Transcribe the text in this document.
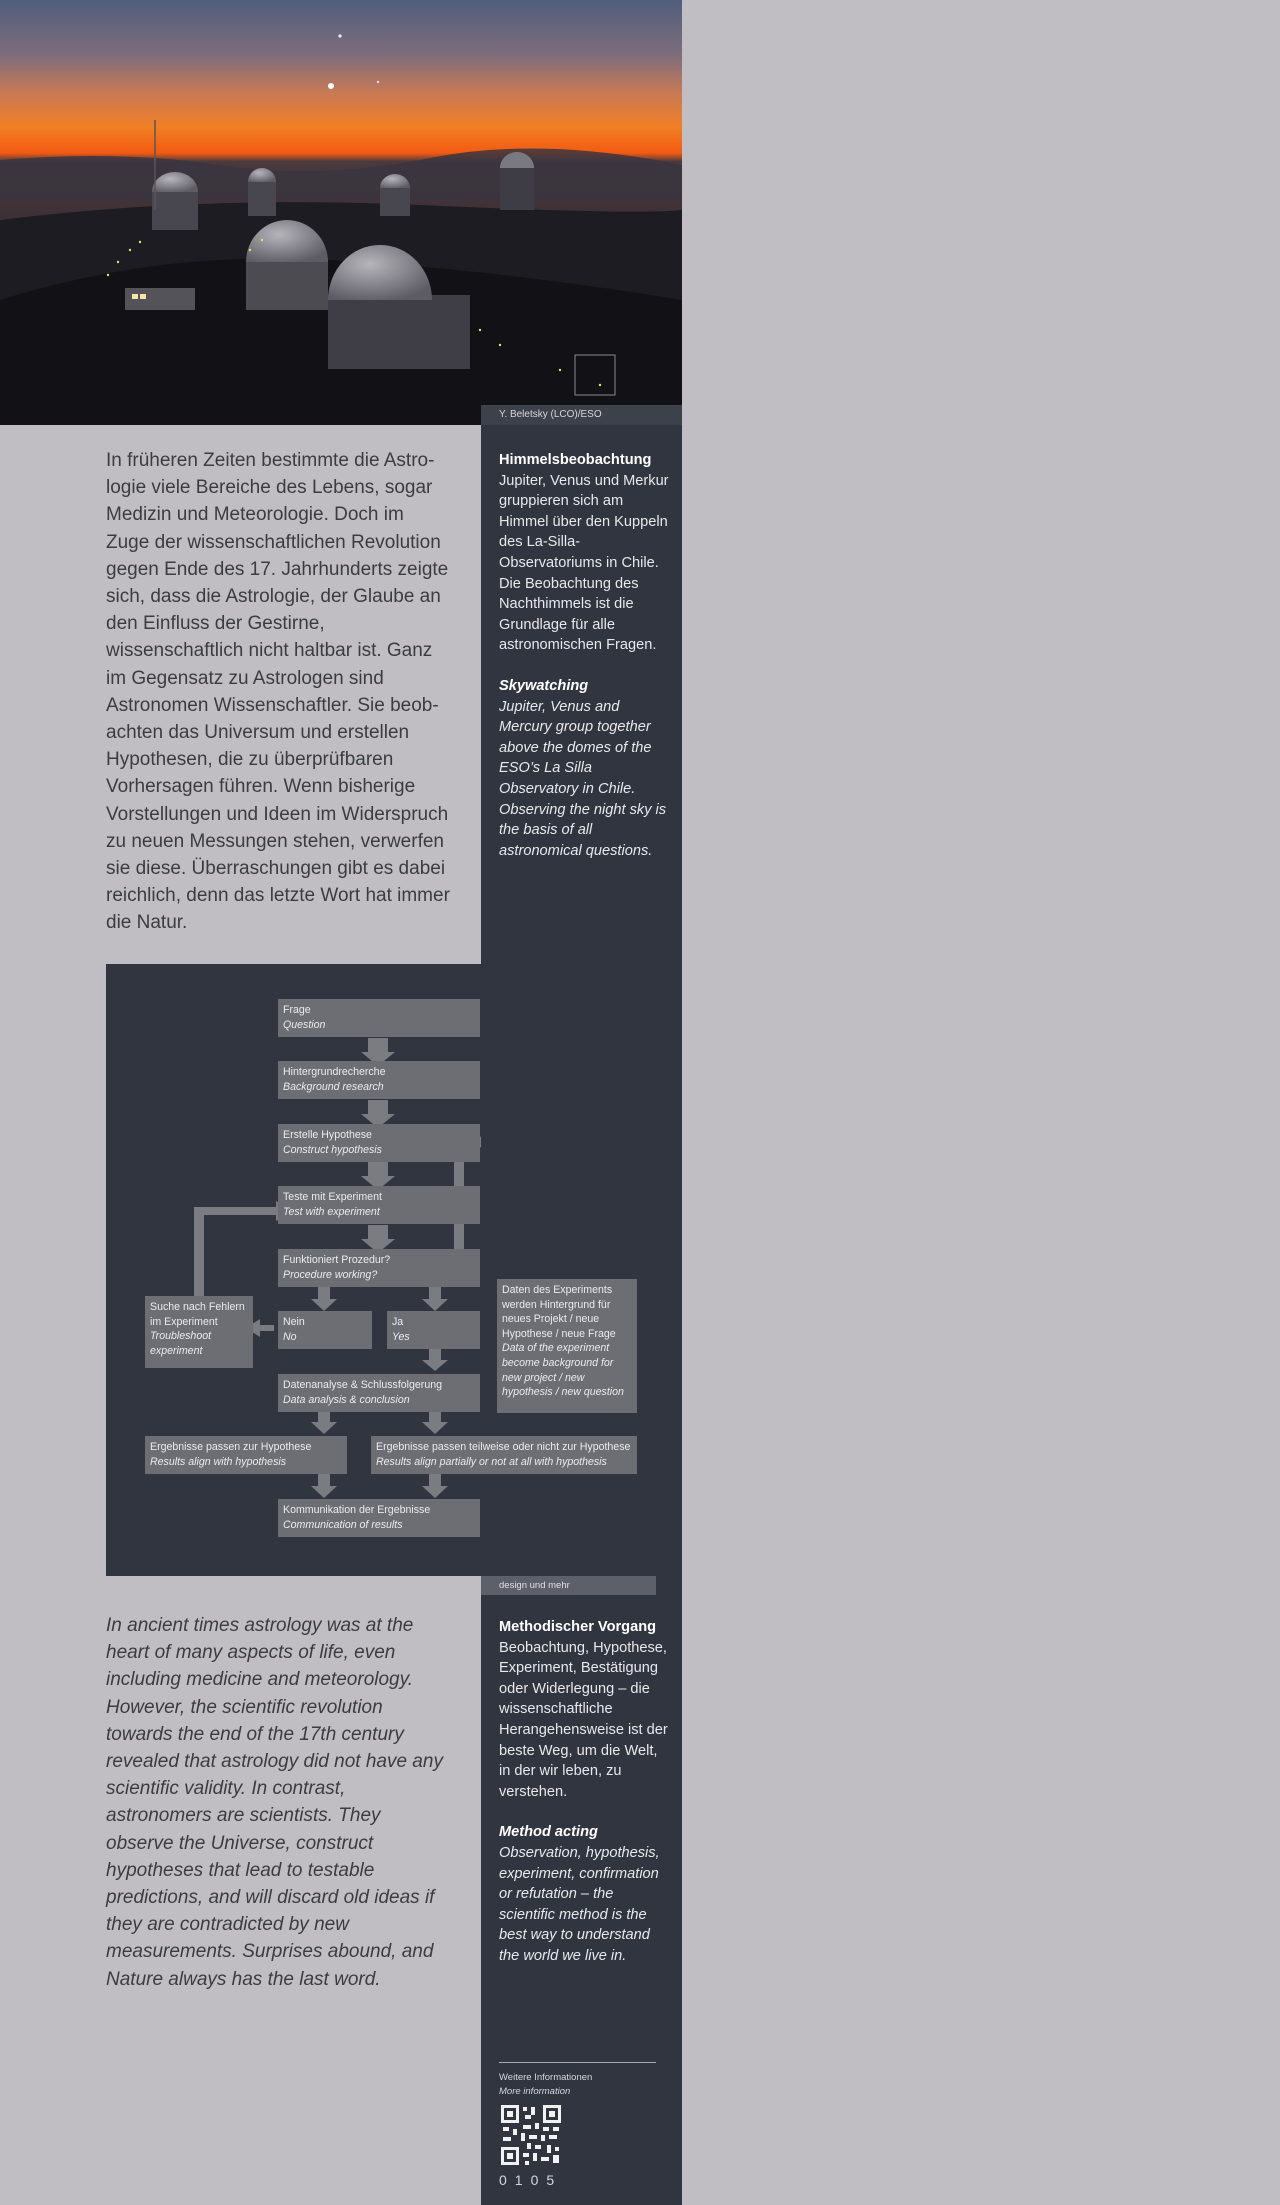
Y. Beletsky (LCO)/ESO
In früheren Zeiten bestimmte die Astrologie viele Bereiche des Lebens, sogar Medizin und Meteorologie. Doch im Zuge der wissenschaftlichen Revolution gegen Ende des 17. Jahrhunderts zeigte sich, dass die Astrologie, der Glaube an den Einfluss der Gestirne, wissenschaftlich nicht haltbar ist. Ganz im Gegensatz zu Astrologen sind Astronomen Wissenschaftler. Sie beobachten das Universum und erstellen Hypothesen, die zu überprüfbaren Vorhersagen führen. Wenn bisherige Vorstellungen und Ideen im Widerspruch zu neuen Messungen stehen, verwerfen sie diese. Überraschungen gibt es dabei reichlich, denn das letzte Wort hat immer die Natur.

Himmelsbeobachtung

Jupiter, Venus und Merkur gruppieren sich am Himmel über den Kuppeln des La-Silla-Observatoriums in Chile. Die Beobachtung des Nachthimmels ist die Grundlage für alle astronomischen Fragen.

Skywatching

Jupiter, Venus and Mercury group together above the domes of the ESO’s La Silla Observatory in Chile. Observing the night sky is the basis of all astronomical questions.

Frage
Question
Hintergrundrecherche
Background research
Erstelle Hypothese
Construct hypothesis
Teste mit Experiment
Test with experiment
Funktioniert Prozedur?
Procedure working?
Nein
No
Ja
Yes
Suche nach Fehlern im Experiment
Troubleshoot experiment
Daten des Experiments werden Hintergrund für neues Projekt / neue Hypothese / neue Frage
Data of the experiment become background for new project / new hypothesis / new question
Datenanalyse & Schlussfolgerung
Data analysis & conclusion
Ergebnisse passen zur Hypothese
Results align with hypothesis
Ergebnisse passen teilweise oder nicht zur Hypothese
Results align partially or not at all with hypothesis
Kommunikation der Ergebnisse
Communication of results
design und mehr
In ancient times astrology was at the heart of many aspects of life, even including medicine and meteorology. However, the scientific revolution towards the end of the 17th century revealed that astrology did not have any scientific validity. In contrast, astronomers are scientists. They observe the Universe, construct hypotheses that lead to testable predictions, and will discard old ideas if they are contradicted by new measurements. Surprises abound, and Nature always has the last word.

Methodischer Vorgang

Beobachtung, Hypothese, Experiment, Bestätigung oder Widerlegung – die wissenschaftliche Herangehensweise ist der beste Weg, um die Welt, in der wir leben, zu verstehen.

Method acting

Observation, hypothesis, experiment, confirmation or refutation – the scientific method is the best way to understand the world we live in.

Weitere Informationen
More information
0105
